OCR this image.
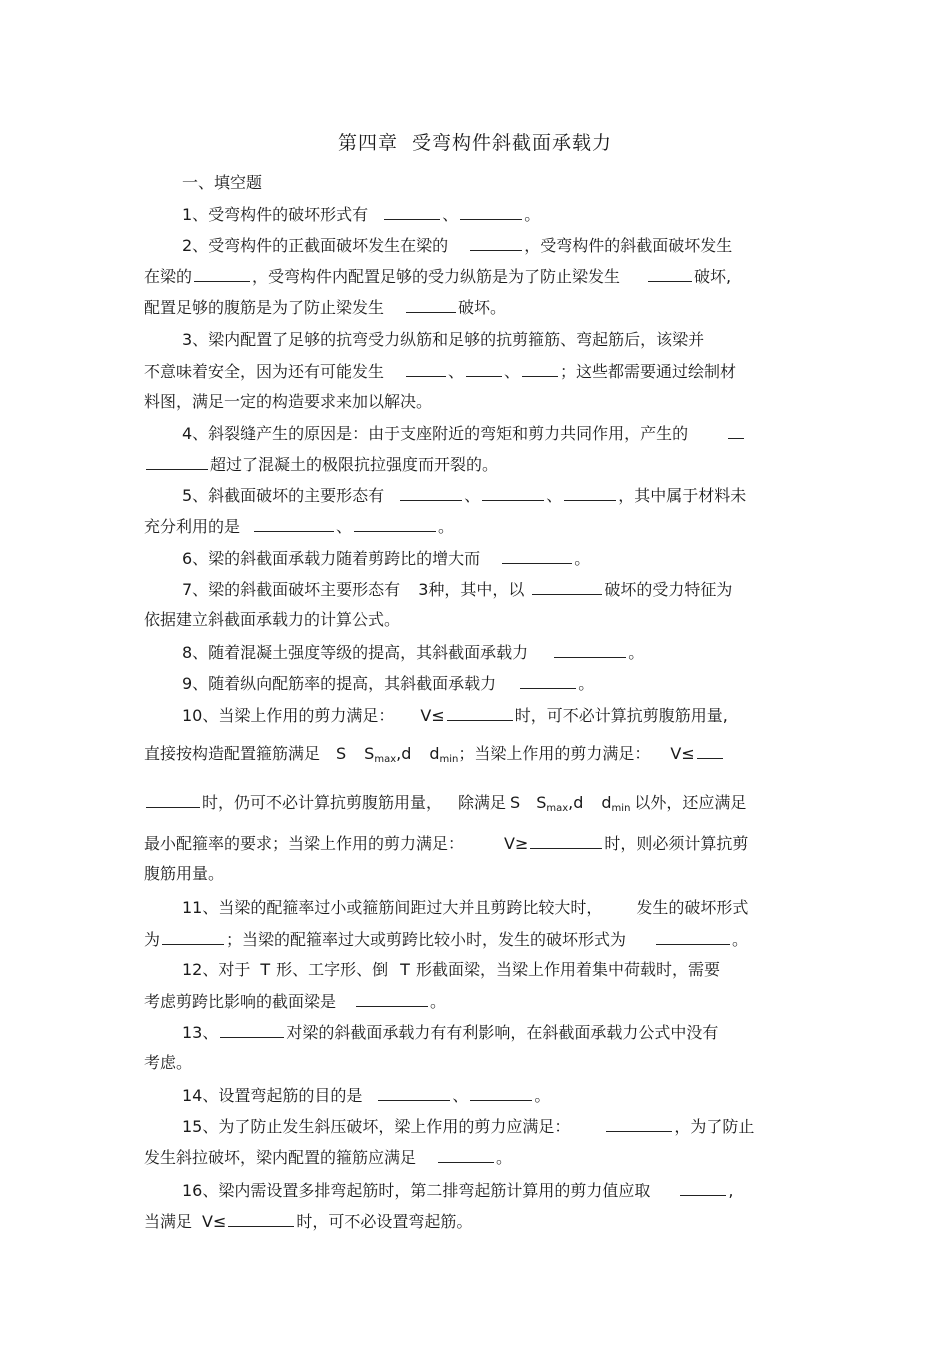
第四章 受弯构件斜截面承载力
一、填空题
1、受弯构件的破坏形式有	、	。
2、受弯构件的正截面破坏发生在梁的	，受弯构件的斜截面破坏发生
在梁的	，受弯构件内配置足够的受力纵筋是为了防止梁发生	破坏,
配置足够的腹筋是为了防止梁发生	破坏。
3、梁内配置了足够的抗弯受力纵筋和足够的抗剪箍筋、弯起筋后，该梁并
不意味着安全，因为还有可能发生	、	、	；这些都需要通过绘制材
料图，满足一定的构造要求来加以解决。
4、斜裂缝产生的原因是：由于支座附近的弯矩和剪力共同作用，产生的
超过了混凝土的极限抗拉强度而开裂的。
5、斜截面破坏的主要形态有	、	、	，其中属于材料未
充分利用的是	、	。
6、梁的斜截面承载力随着剪跨比的增大而	。
7、梁的斜截面破坏主要形态有 3种，其中，以	破坏的受力特征为
依据建立斜截面承载力的计算公式。
8、随着混凝土强度等级的提高，其斜截面承载力	。
9、随着纵向配筋率的提高，其斜截面承载力	。
10、当梁上作用的剪力满足： V≤	时，可不必计算抗剪腹筋用量,
直接按构造配置箍筋满足 S $S_{max},d$ $d_{min}$；当梁上作用的剪力满足： V≤
时，仍可不必计算抗剪腹筋用量， 除满足 S $S_{max},d$ $d_{min}$ 以外，还应满足
最小配箍率的要求；当梁上作用的剪力满足：	V≥	时，则必须计算抗剪
腹筋用量。
11、当梁的配箍率过小或箍筋间距过大并且剪跨比较大时， 发生的破坏形式
为	；当梁的配箍率过大或剪跨比较小时，发生的破坏形式为	。
12、对于 T 形、工字形、倒 T 形截面梁，当梁上作用着集中荷载时，需要
考虑剪跨比影响的截面梁是	。
13、	对梁的斜截面承载力有有利影响，在斜截面承载力公式中没有
考虑。
14、设置弯起筋的目的是	、	。
15、为了防止发生斜压破坏，梁上作用的剪力应满足：	，为了防止
发生斜拉破坏，梁内配置的箍筋应满足	。
16、梁内需设置多排弯起筋时，第二排弯起筋计算用的剪力值应取	,
当满足 V≤	时，可不必设置弯起筋。
